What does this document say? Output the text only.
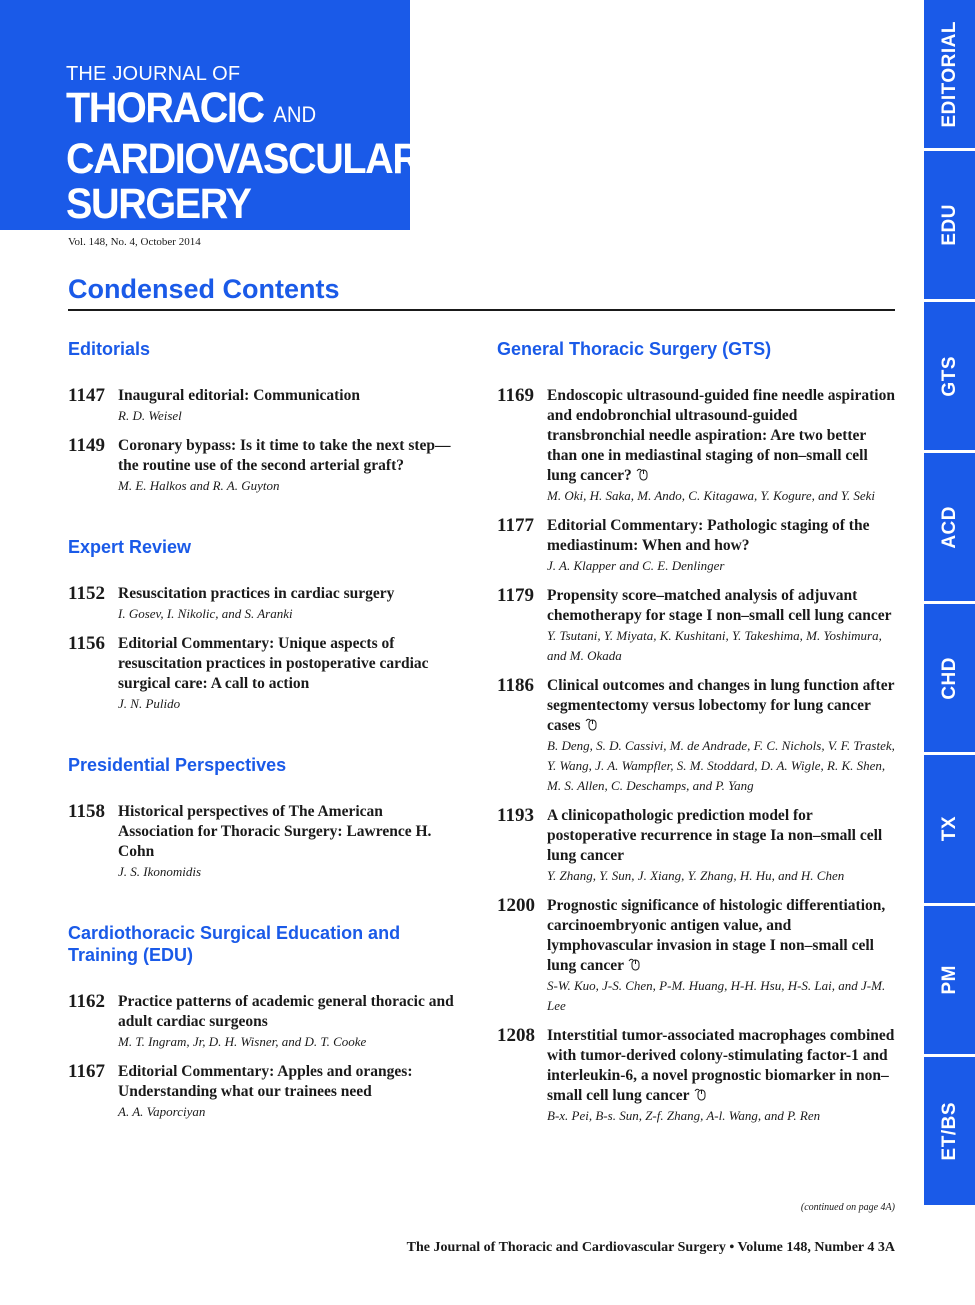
THE JOURNAL OF
THORACIC AND
CARDIOVASCULAR
SURGERY
Vol. 148, No. 4, October 2014
Condensed Contents
Editorials
1147 Inaugural editorial: Communication
R. D. Weisel
1149 Coronary bypass: Is it time to take the next step—the routine use of the second arterial graft?
M. E. Halkos and R. A. Guyton
Expert Review
1152 Resuscitation practices in cardiac surgery
I. Gosev, I. Nikolic, and S. Aranki
1156 Editorial Commentary: Unique aspects of resuscitation practices in postoperative cardiac surgical care: A call to action
J. N. Pulido
Presidential Perspectives
1158 Historical perspectives of The American Association for Thoracic Surgery: Lawrence H. Cohn
J. S. Ikonomidis
Cardiothoracic Surgical Education and Training (EDU)
1162 Practice patterns of academic general thoracic and adult cardiac surgeons
M. T. Ingram, Jr, D. H. Wisner, and D. T. Cooke
1167 Editorial Commentary: Apples and oranges: Understanding what our trainees need
A. A. Vaporciyan
General Thoracic Surgery (GTS)
1169 Endoscopic ultrasound-guided fine needle aspiration and endobronchial ultrasound-guided transbronchial needle aspiration: Are two better than one in mediastinal staging of non–small cell lung cancer?
M. Oki, H. Saka, M. Ando, C. Kitagawa, Y. Kogure, and Y. Seki
1177 Editorial Commentary: Pathologic staging of the mediastinum: When and how?
J. A. Klapper and C. E. Denlinger
1179 Propensity score–matched analysis of adjuvant chemotherapy for stage I non–small cell lung cancer
Y. Tsutani, Y. Miyata, K. Kushitani, Y. Takeshima, M. Yoshimura, and M. Okada
1186 Clinical outcomes and changes in lung function after segmentectomy versus lobectomy for lung cancer cases
B. Deng, S. D. Cassivi, M. de Andrade, F. C. Nichols, V. F. Trastek, Y. Wang, J. A. Wampfler, S. M. Stoddard, D. A. Wigle, R. K. Shen, M. S. Allen, C. Deschamps, and P. Yang
1193 A clinicopathologic prediction model for postoperative recurrence in stage Ia non–small cell lung cancer
Y. Zhang, Y. Sun, J. Xiang, Y. Zhang, H. Hu, and H. Chen
1200 Prognostic significance of histologic differentiation, carcinoembryonic antigen value, and lymphovascular invasion in stage I non–small cell lung cancer
S-W. Kuo, J-S. Chen, P-M. Huang, H-H. Hsu, H-S. Lai, and J-M. Lee
1208 Interstitial tumor-associated macrophages combined with tumor-derived colony-stimulating factor-1 and interleukin-6, a novel prognostic biomarker in non–small cell lung cancer
B-x. Pei, B-s. Sun, Z-f. Zhang, A-l. Wang, and P. Ren
EDITORIAL
EDU
GTS
ACD
CHD
TX
PM
ET/BS
(continued on page 4A)
The Journal of Thoracic and Cardiovascular Surgery • Volume 148, Number 4 3A
